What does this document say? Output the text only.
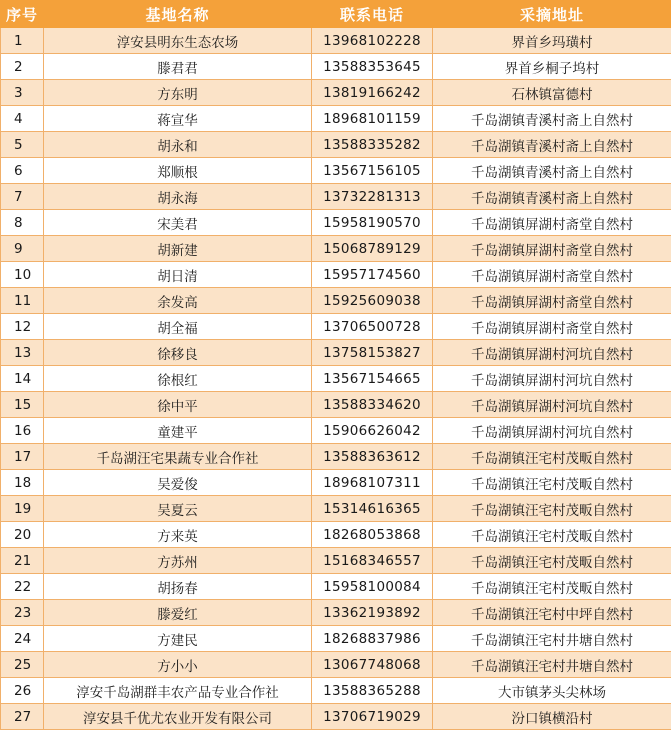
序号	基地名称	联系电话	采摘地址
1	淳安县明东生态农场	13968102228	界首乡玛璜村
2	滕君君	13588353645	界首乡桐子坞村
3	方东明	13819166242	石林镇富德村
4	蒋宣华	18968101159	千岛湖镇青溪村斋上自然村
5	胡永和	13588335282	千岛湖镇青溪村斋上自然村
6	郑顺根	13567156105	千岛湖镇青溪村斋上自然村
7	胡永海	13732281313	千岛湖镇青溪村斋上自然村
8	宋美君	15958190570	千岛湖镇屏湖村斋堂自然村
9	胡新建	15068789129	千岛湖镇屏湖村斋堂自然村
10	胡日清	15957174560	千岛湖镇屏湖村斋堂自然村
11	余发高	15925609038	千岛湖镇屏湖村斋堂自然村
12	胡全福	13706500728	千岛湖镇屏湖村斋堂自然村
13	徐移良	13758153827	千岛湖镇屏湖村河坑自然村
14	徐根红	13567154665	千岛湖镇屏湖村河坑自然村
15	徐中平	13588334620	千岛湖镇屏湖村河坑自然村
16	童建平	15906626042	千岛湖镇屏湖村河坑自然村
17	千岛湖汪宅果蔬专业合作社	13588363612	千岛湖镇汪宅村茂畈自然村
18	吴爱俊	18968107311	千岛湖镇汪宅村茂畈自然村
19	吴夏云	15314616365	千岛湖镇汪宅村茂畈自然村
20	方来英	18268053868	千岛湖镇汪宅村茂畈自然村
21	方苏州	15168346557	千岛湖镇汪宅村茂畈自然村
22	胡扬春	15958100084	千岛湖镇汪宅村茂畈自然村
23	滕爱红	13362193892	千岛湖镇汪宅村中坪自然村
24	方建民	18268837986	千岛湖镇汪宅村井塘自然村
25	方小小	13067748068	千岛湖镇汪宅村井塘自然村
26	淳安千岛湖群丰农产品专业合作社	13588365288	大市镇茅头尖林场
27	淳安县千优尤农业开发有限公司	13706719029	汾口镇横沿村
